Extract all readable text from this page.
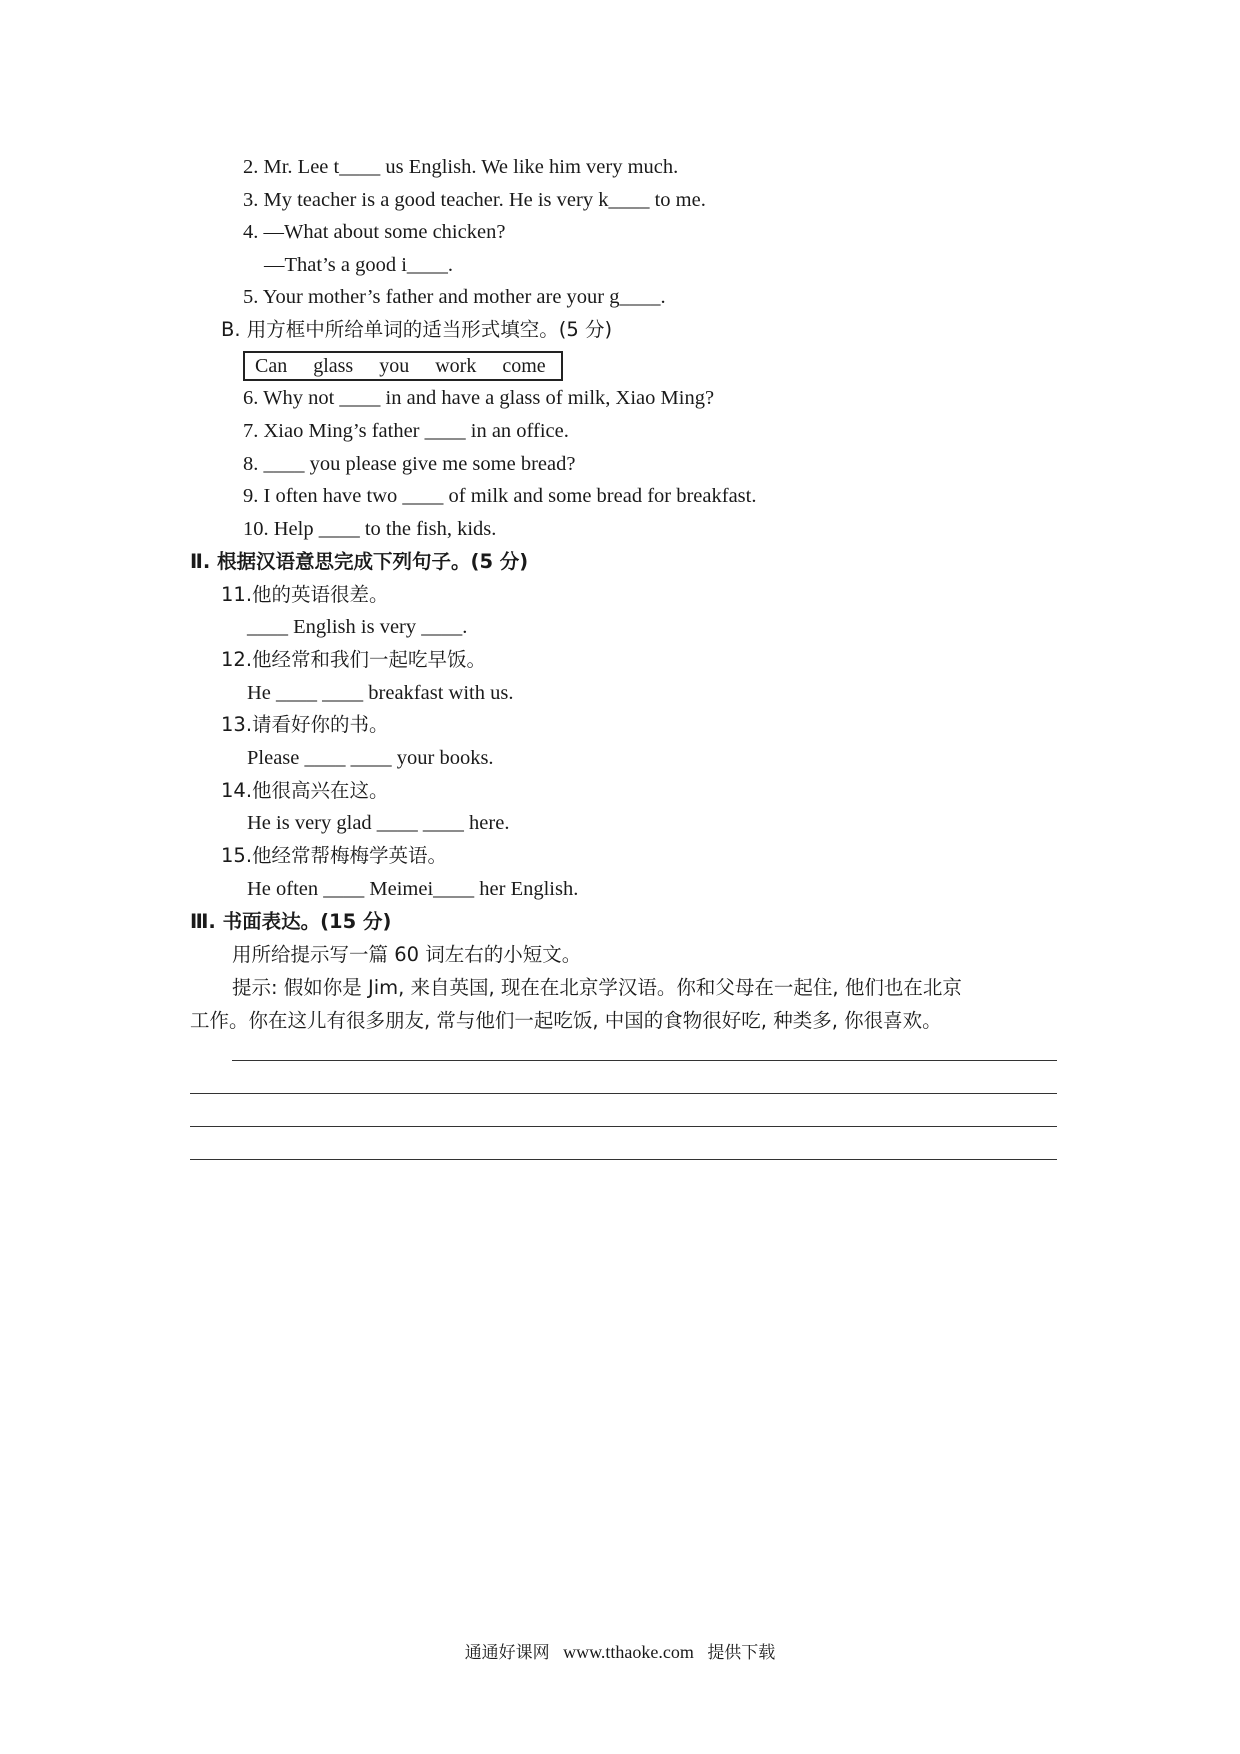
2. Mr. Lee t____ us English. We like him very much.
3. My teacher is a good teacher. He is very k____ to me.
4. —What about some chicken?
—That’s a good i____.
5. Your mother’s father and mother are your g____.
B. 用方框中所给单词的适当形式填空。(5 分)
Can glass you work come
6. Why not ____ in and have a glass of milk, Xiao Ming?
7. Xiao Ming’s father ____ in an office.
8. ____ you please give me some bread?
9. I often have two ____ of milk and some bread for breakfast.
10. Help ____ to the fish, kids.
Ⅱ. 根据汉语意思完成下列句子。(5 分)
11.他的英语很差。
____ English is very ____.
12.他经常和我们一起吃早饭。
He ____ ____ breakfast with us.
13.请看好你的书。
Please ____ ____ your books.
14.他很高兴在这。
He is very glad ____ ____ here.
15.他经常帮梅梅学英语。
He often ____ Meimei____ her English.
Ⅲ. 书面表达。(15 分)
用所给提示写一篇 60 词左右的小短文。
提示: 假如你是 Jim, 来自英国, 现在在北京学汉语。你和父母在一起住, 他们也在北京
工作。你在这儿有很多朋友, 常与他们一起吃饭, 中国的食物很好吃, 种类多, 你很喜欢。
通通好课网 www.tthaoke.com 提供下载
